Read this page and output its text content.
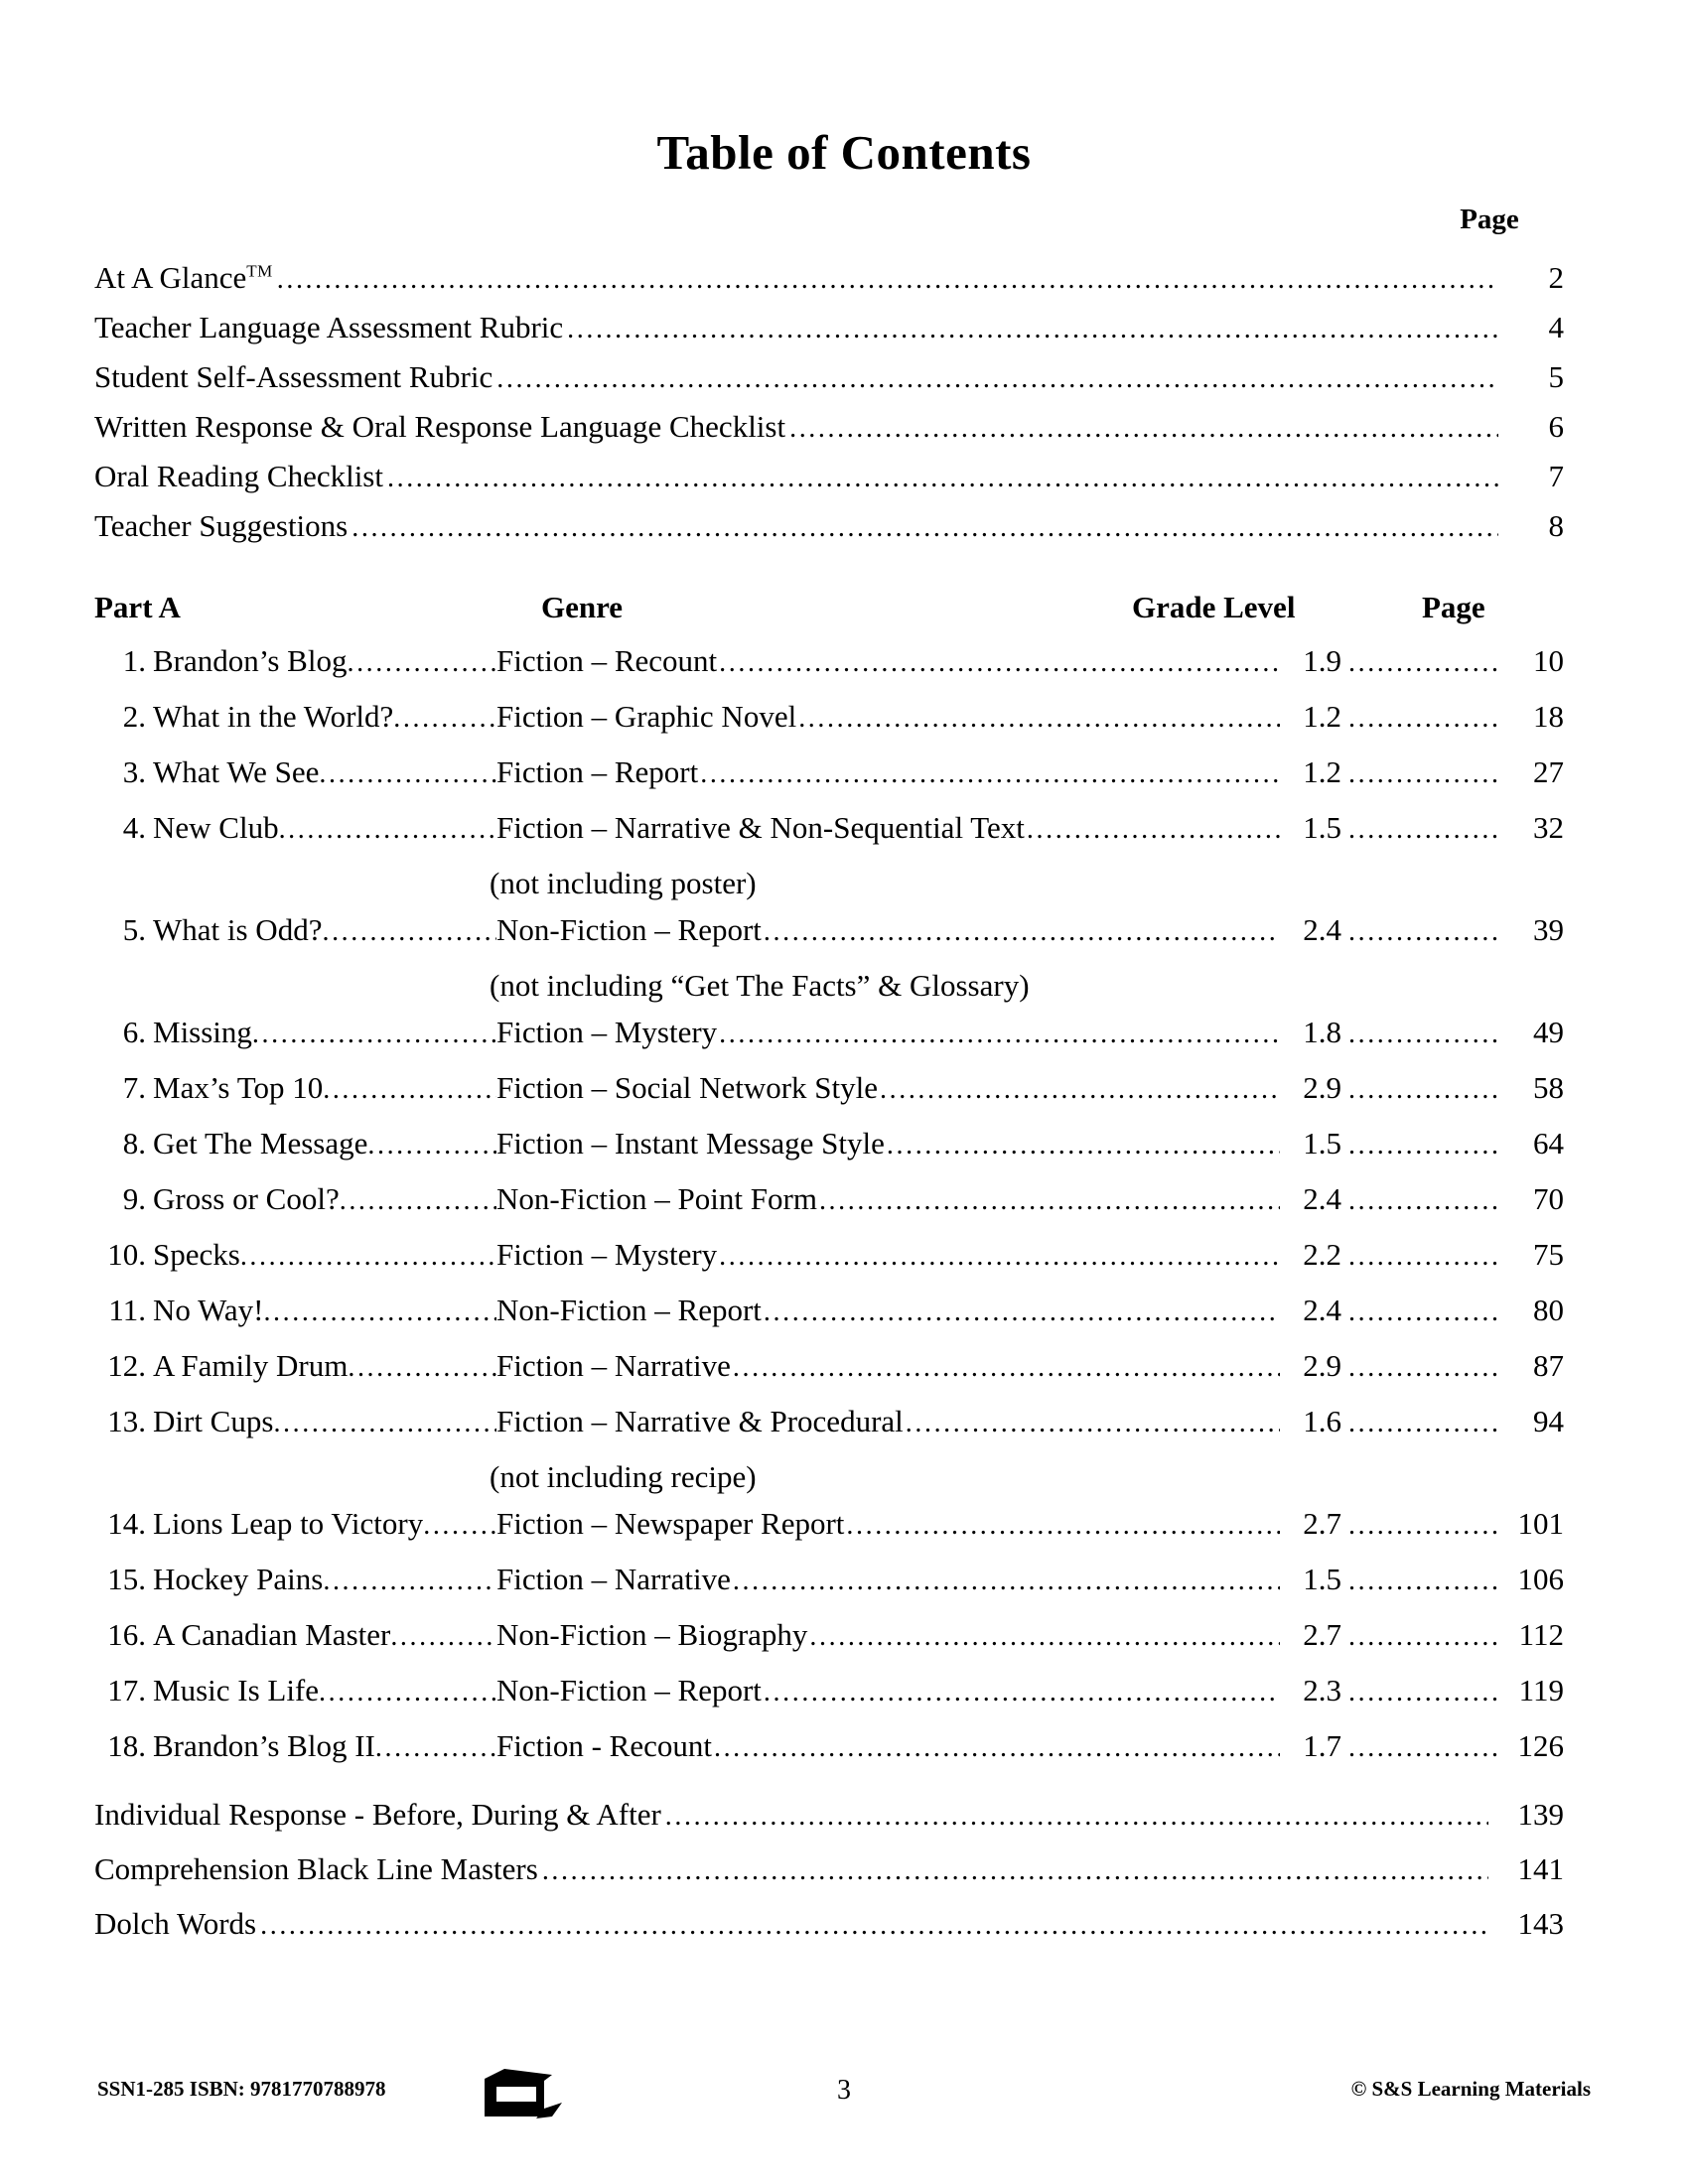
Table of Contents
Page
At A Glance™ .....	2
Teacher Language Assessment Rubric .....	4
Student Self-Assessment Rubric .....	5
Written Response & Oral Response Language Checklist .....	6
Oral Reading Checklist .....	7
Teacher Suggestions .....	8
Part A	Genre	Grade Level	Page
1. Brandon’s Blog .....	Fiction – Recount .....	1.9 .....	10
2. What in the World? .....	Fiction – Graphic Novel .....	1.2 .....	18
3. What We See .....	Fiction – Report .....	1.2 .....	27
4. New Club .....	Fiction – Narrative & Non-Sequential Text .....	1.5 .....	32
(not including poster)
5. What is Odd? .....	Non-Fiction – Report .....	2.4 .....	39
(not including “Get The Facts” & Glossary)
6. Missing .....	Fiction – Mystery .....	1.8 .....	49
7. Max’s Top 10 .....	Fiction – Social Network Style .....	2.9 .....	58
8. Get The Message .....	Fiction – Instant Message Style .....	1.5 .....	64
9. Gross or Cool? .....	Non-Fiction – Point Form .....	2.4 .....	70
10. Specks .....	Fiction – Mystery .....	2.2 .....	75
11. No Way! .....	Non-Fiction – Report .....	2.4 .....	80
12. A Family Drum .....	Fiction – Narrative .....	2.9 .....	87
13. Dirt Cups .....	Fiction – Narrative & Procedural .....	1.6 .....	94
(not including recipe)
14. Lions Leap to Victory ..... Fiction – Newspaper Report .....	2.7 .....	101
15. Hockey Pains .....	Fiction – Narrative .....	1.5 .....	106
16. A Canadian Master .....	Non-Fiction – Biography .....	2.7 .....	112
17. Music Is Life .....	Non-Fiction – Report .....	2.3 .....	119
18. Brandon’s Blog II .....	Fiction - Recount .....	1.7 .....	126
Individual Response - Before, During & After .....	139
Comprehension Black Line Masters .....	141
Dolch Words .....	143
SSN1-285 ISBN: 9781770788978	3	© S&S Learning Materials
